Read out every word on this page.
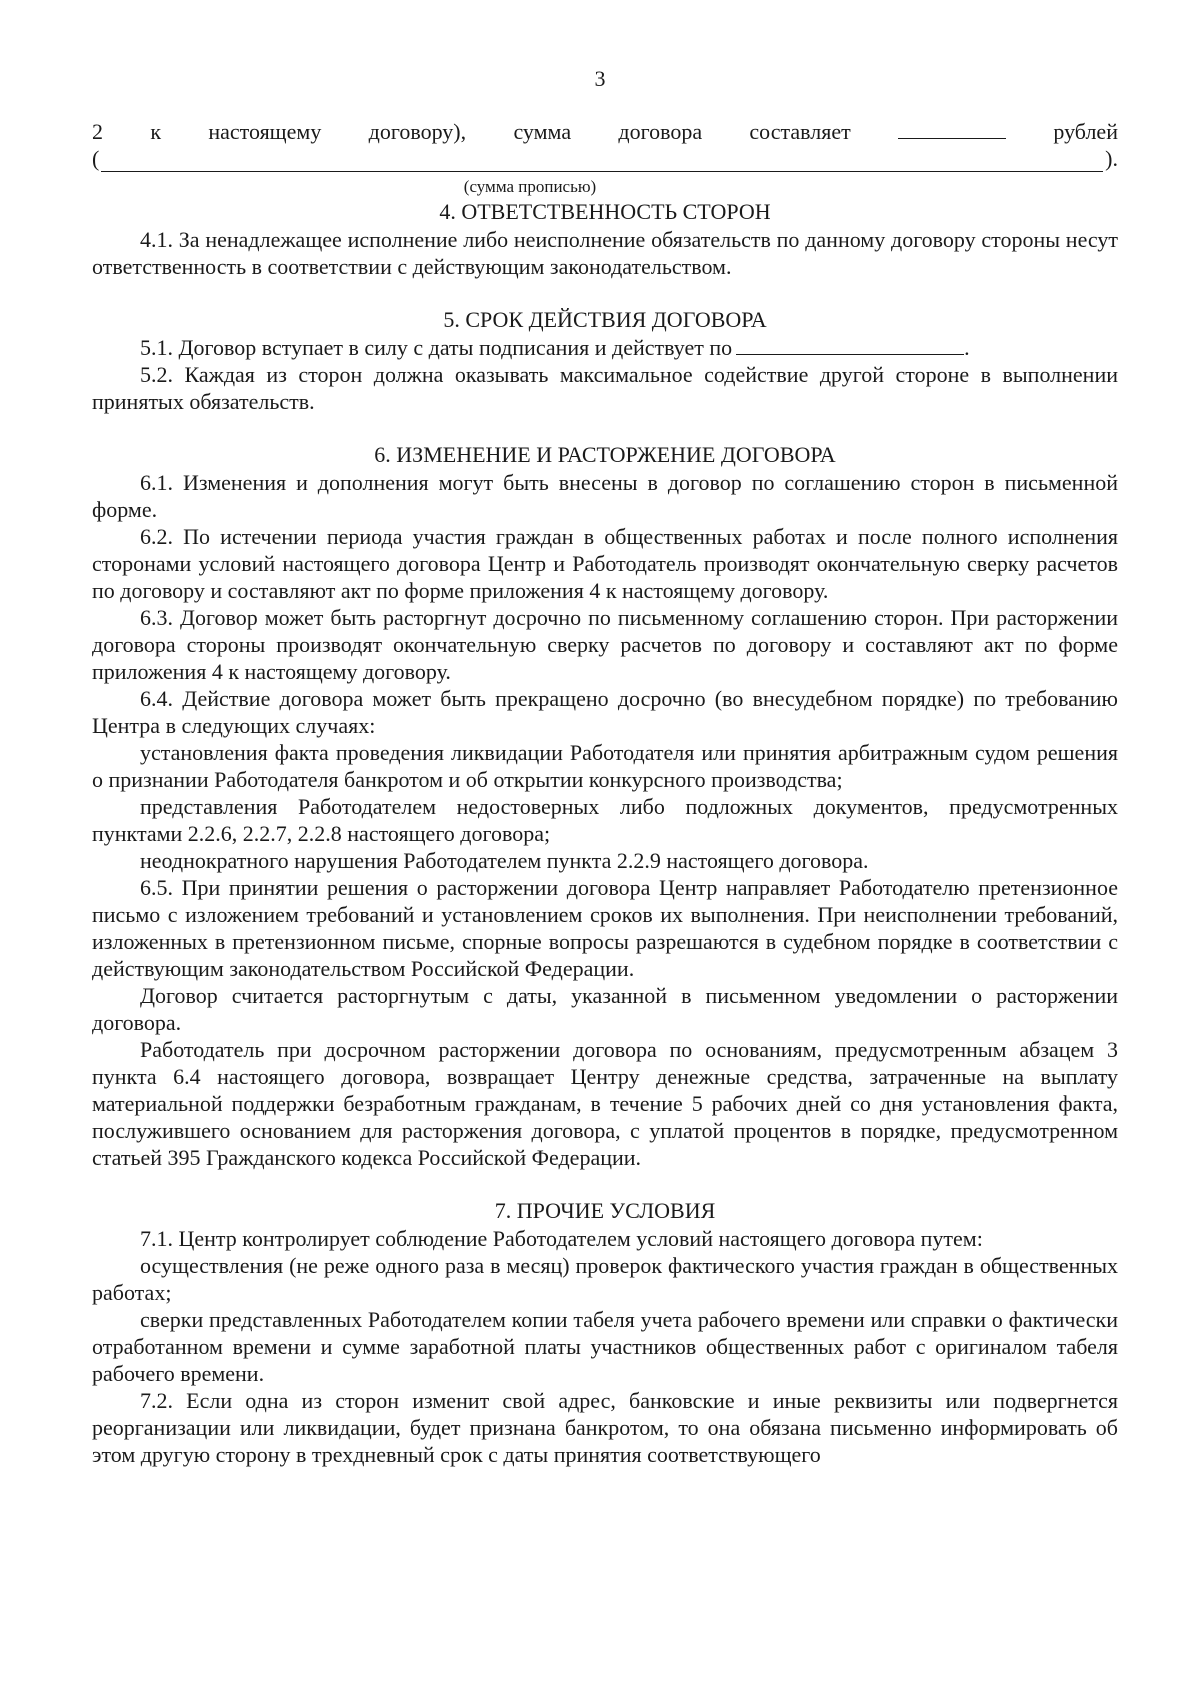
3
2 к настоящему договору), сумма договора составляет	рублей
(	).
(сумма прописью)
4. ОТВЕТСТВЕННОСТЬ СТОРОН

4.1. За ненадлежащее исполнение либо неисполнение обязательств по данному договору стороны несут ответственность в соответствии с действующим законодательством.

5. СРОК ДЕЙСТВИЯ ДОГОВОРА

5.1. Договор вступает в силу с даты подписания и действует по	.

5.2. Каждая из сторон должна оказывать максимальное содействие другой стороне в выполнении принятых обязательств.

6. ИЗМЕНЕНИЕ И РАСТОРЖЕНИЕ ДОГОВОРА

6.1. Изменения и дополнения могут быть внесены в договор по соглашению сторон в письменной форме.

6.2. По истечении периода участия граждан в общественных работах и после полного исполнения сторонами условий настоящего договора Центр и Работодатель производят окончательную сверку расчетов по договору и составляют акт по форме приложения 4 к настоящему договору.

6.3. Договор может быть расторгнут досрочно по письменному соглашению сторон. При расторжении договора стороны производят окончательную сверку расчетов по договору и составляют акт по форме приложения 4 к настоящему договору.

6.4. Действие договора может быть прекращено досрочно (во внесудебном порядке) по требованию Центра в следующих случаях:

установления факта проведения ликвидации Работодателя или принятия арбитражным судом решения о признании Работодателя банкротом и об открытии конкурсного производства;

представления Работодателем недостоверных либо подложных документов, предусмотренных пунктами 2.2.6, 2.2.7, 2.2.8 настоящего договора;

неоднократного нарушения Работодателем пункта 2.2.9 настоящего договора.

6.5. При принятии решения о расторжении договора Центр направляет Работодателю претензионное письмо с изложением требований и установлением сроков их выполнения. При неисполнении требований, изложенных в претензионном письме, спорные вопросы разрешаются в судебном порядке в соответствии с действующим законодательством Российской Федерации.

Договор считается расторгнутым с даты, указанной в письменном уведомлении о расторжении договора.

Работодатель при досрочном расторжении договора по основаниям, предусмотренным абзацем 3 пункта 6.4 настоящего договора, возвращает Центру денежные средства, затраченные на выплату материальной поддержки безработным гражданам, в течение 5 рабочих дней со дня установления факта, послужившего основанием для расторжения договора, с уплатой процентов в порядке, предусмотренном статьей 395 Гражданского кодекса Российской Федерации.

7. ПРОЧИЕ УСЛОВИЯ

7.1. Центр контролирует соблюдение Работодателем условий настоящего договора путем:

осуществления (не реже одного раза в месяц) проверок фактического участия граждан в общественных работах;

сверки представленных Работодателем копии табеля учета рабочего времени или справки о фактически отработанном времени и сумме заработной платы участников общественных работ с оригиналом табеля рабочего времени.

7.2. Если одна из сторон изменит свой адрес, банковские и иные реквизиты или подвергнется реорганизации или ликвидации, будет признана банкротом, то она обязана письменно информировать об этом другую сторону в трехдневный срок с даты принятия соответствующего
